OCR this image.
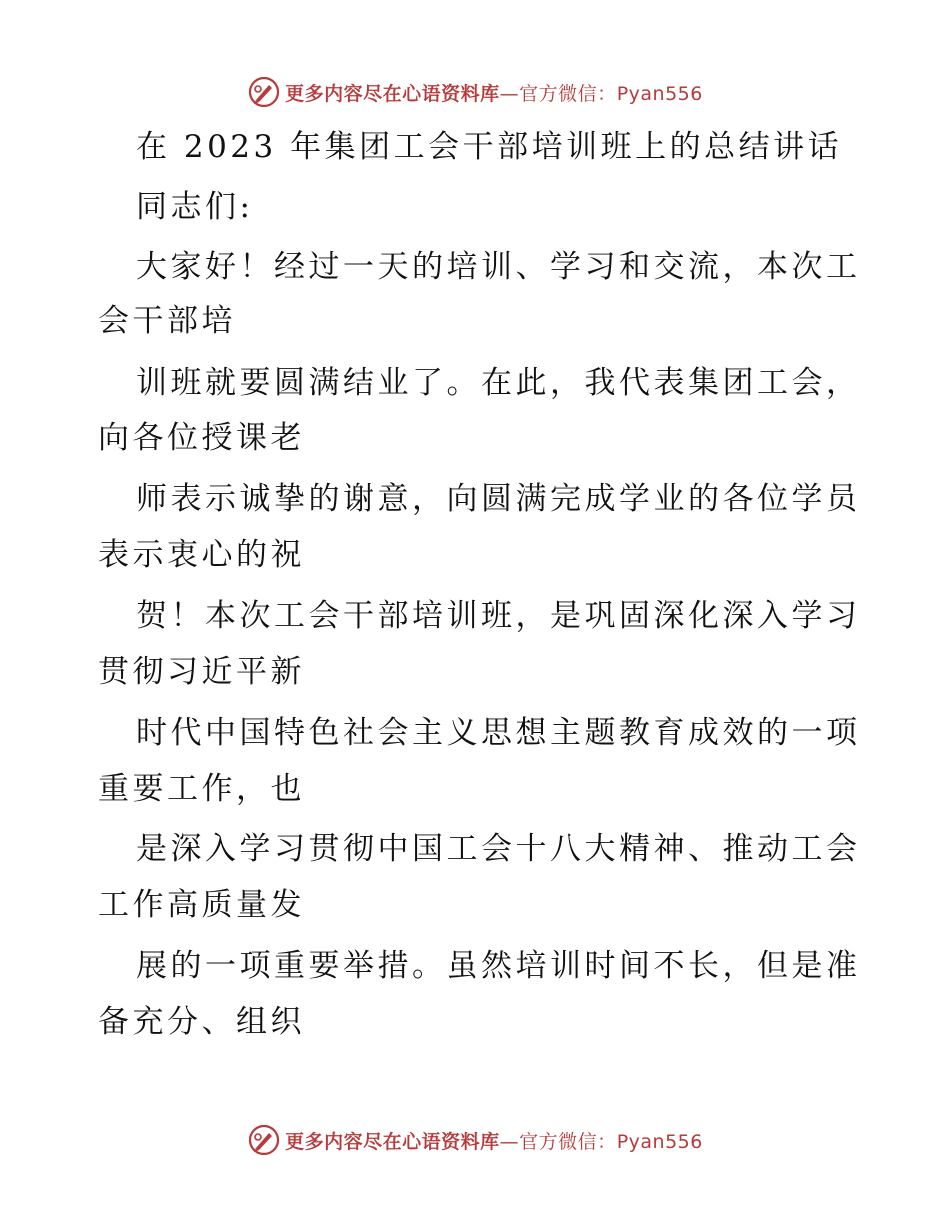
更多内容尽在心语资料库—官方微信：Pyan556
在 2023 年集团工会干部培训班上的总结讲话
同志们:
大家好！经过一天的培训、学习和交流，本次工
会干部培
训班就要圆满结业了。在此，我代表集团工会，
向各位授课老
师表示诚挚的谢意，向圆满完成学业的各位学员
表示衷心的祝
贺！本次工会干部培训班，是巩固深化深入学习
贯彻习近平新
时代中国特色社会主义思想主题教育成效的一项
重要工作，也
是深入学习贯彻中国工会十八大精神、推动工会
工作高质量发
展的一项重要举措。虽然培训时间不长，但是准
备充分、组织
更多内容尽在心语资料库—官方微信：Pyan556
